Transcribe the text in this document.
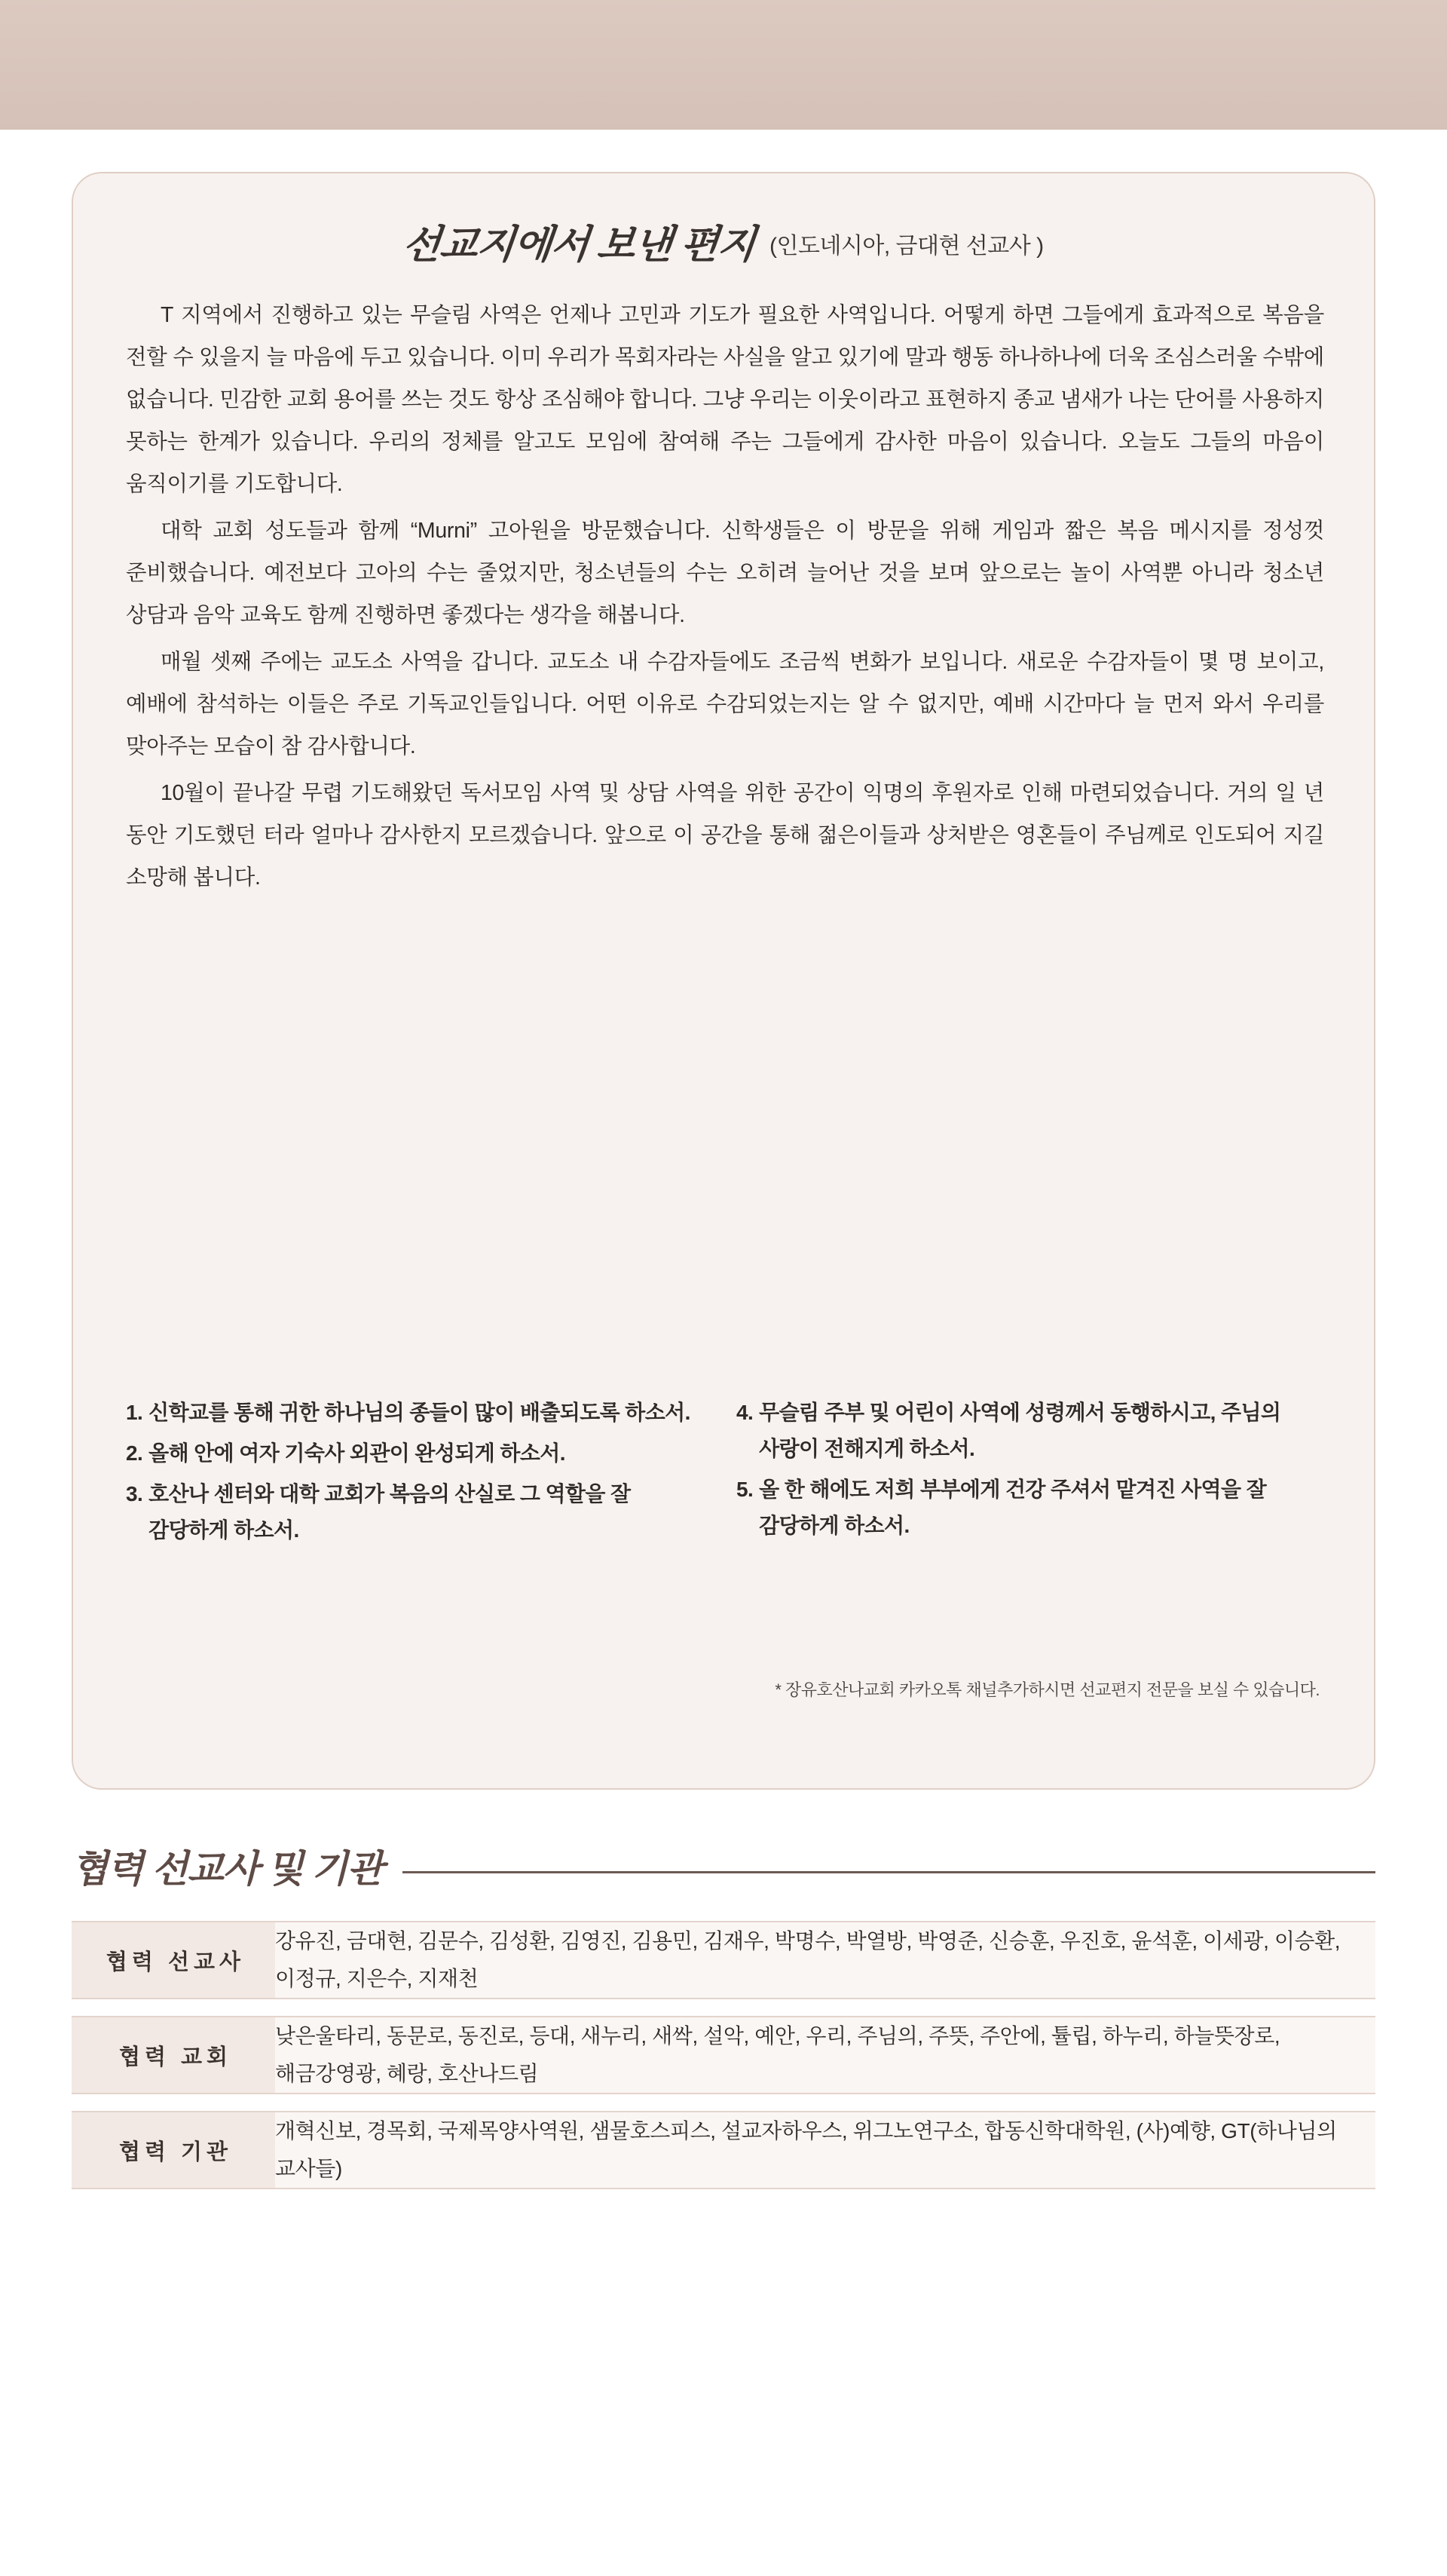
선교지에서 보낸 편지 (인도네시아, 금대현 선교사 )

T 지역에서 진행하고 있는 무슬림 사역은 언제나 고민과 기도가 필요한 사역입니다. 어떻게 하면 그들에게 효과적으로 복음을 전할 수 있을지 늘 마음에 두고 있습니다. 이미 우리가 목회자라는 사실을 알고 있기에 말과 행동 하나하나에 더욱 조심스러울 수밖에 없습니다. 민감한 교회 용어를 쓰는 것도 항상 조심해야 합니다. 그냥 우리는 이웃이라고 표현하지 종교 냄새가 나는 단어를 사용하지 못하는 한계가 있습니다. 우리의 정체를 알고도 모임에 참여해 주는 그들에게 감사한 마음이 있습니다. 오늘도 그들의 마음이 움직이기를 기도합니다.

대학 교회 성도들과 함께 “Murni” 고아원을 방문했습니다. 신학생들은 이 방문을 위해 게임과 짧은 복음 메시지를 정성껏 준비했습니다. 예전보다 고아의 수는 줄었지만, 청소년들의 수는 오히려 늘어난 것을 보며 앞으로는 놀이 사역뿐 아니라 청소년 상담과 음악 교육도 함께 진행하면 좋겠다는 생각을 해봅니다.

매월 셋째 주에는 교도소 사역을 갑니다. 교도소 내 수감자들에도 조금씩 변화가 보입니다. 새로운 수감자들이 몇 명 보이고, 예배에 참석하는 이들은 주로 기독교인들입니다. 어떤 이유로 수감되었는지는 알 수 없지만, 예배 시간마다 늘 먼저 와서 우리를 맞아주는 모습이 참 감사합니다.

10월이 끝나갈 무렵 기도해왔던 독서모임 사역 및 상담 사역을 위한 공간이 익명의 후원자로 인해 마련되었습니다. 거의 일 년 동안 기도했던 터라 얼마나 감사한지 모르겠습니다. 앞으로 이 공간을 통해 젊은이들과 상처받은 영혼들이 주님께로 인도되어 지길 소망해 봅니다.

1. 신학교를 통해 귀한 하나님의 종들이 많이 배출되도록 하소서.
2. 올해 안에 여자 기숙사 외관이 완성되게 하소서.
3. 호산나 센터와 대학 교회가 복음의 산실로 그 역할을 잘 감당하게 하소서.
4. 무슬림 주부 및 어린이 사역에 성령께서 동행하시고, 주님의 사랑이 전해지게 하소서.
5. 올 한 해에도 저희 부부에게 건강 주셔서 맡겨진 사역을 잘 감당하게 하소서.
* 장유호산나교회 카카오톡 채널추가하시면 선교편지 전문을 보실 수 있습니다.
협력 선교사 및 기관
협력 선교사	강유진, 금대현, 김문수, 김성환, 김영진, 김용민, 김재우, 박명수, 박열방, 박영준, 신승훈, 우진호, 윤석훈, 이세광, 이승환, 이정규, 지은수, 지재천

협력 교회	낮은울타리, 동문로, 동진로, 등대, 새누리, 새싹, 설악, 예안, 우리, 주님의, 주뜻, 주안에, 튤립, 하누리, 하늘뜻장로, 해금강영광, 혜랑, 호산나드림

협력 기관	개혁신보, 경목회, 국제목양사역원, 샘물호스피스, 설교자하우스, 위그노연구소, 합동신학대학원, (사)예향, GT(하나님의 교사들)
